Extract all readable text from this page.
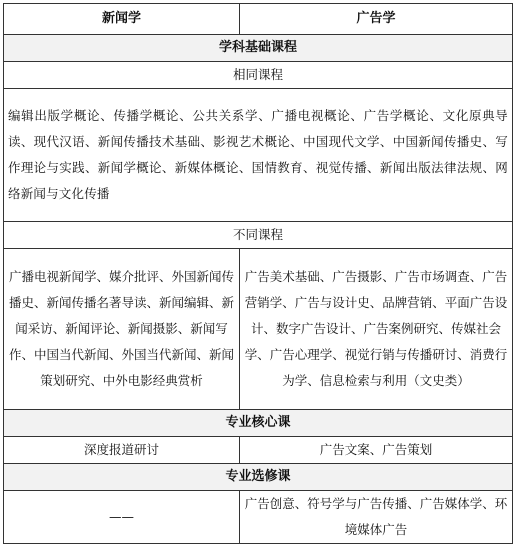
新闻学	广告学
学科基础课程	
相同课程	
编辑出版学概论、传播学概论、公共关系学、广播电视概论、广告学概论、文化原典导读、现代汉语、新闻传播技术基础、影视艺术概论、中国现代文学、中国新闻传播史、写作理论与实践、新闻学概论、新媒体概论、国情教育、视觉传播、新闻出版法律法规、网络新闻与文化传播	
不同课程	
广播电视新闻学、媒介批评、外国新闻传播史、新闻传播名著导读、新闻编辑、新闻采访、新闻评论、新闻摄影、新闻写作、中国当代新闻、外国当代新闻、新闻策划研究、中外电影经典赏析	广告美术基础、广告摄影、广告市场调查、广告营销学、广告与设计史、品牌营销、平面广告设计、数字广告设计、广告案例研究、传媒社会学、广告心理学、视觉行销与传播研讨、消费行为学、信息检索与利用（文史类）
专业核心课	
深度报道研讨	广告文案、广告策划
专业选修课	
——	广告创意、符号学与广告传播、广告媒体学、环境媒体广告
